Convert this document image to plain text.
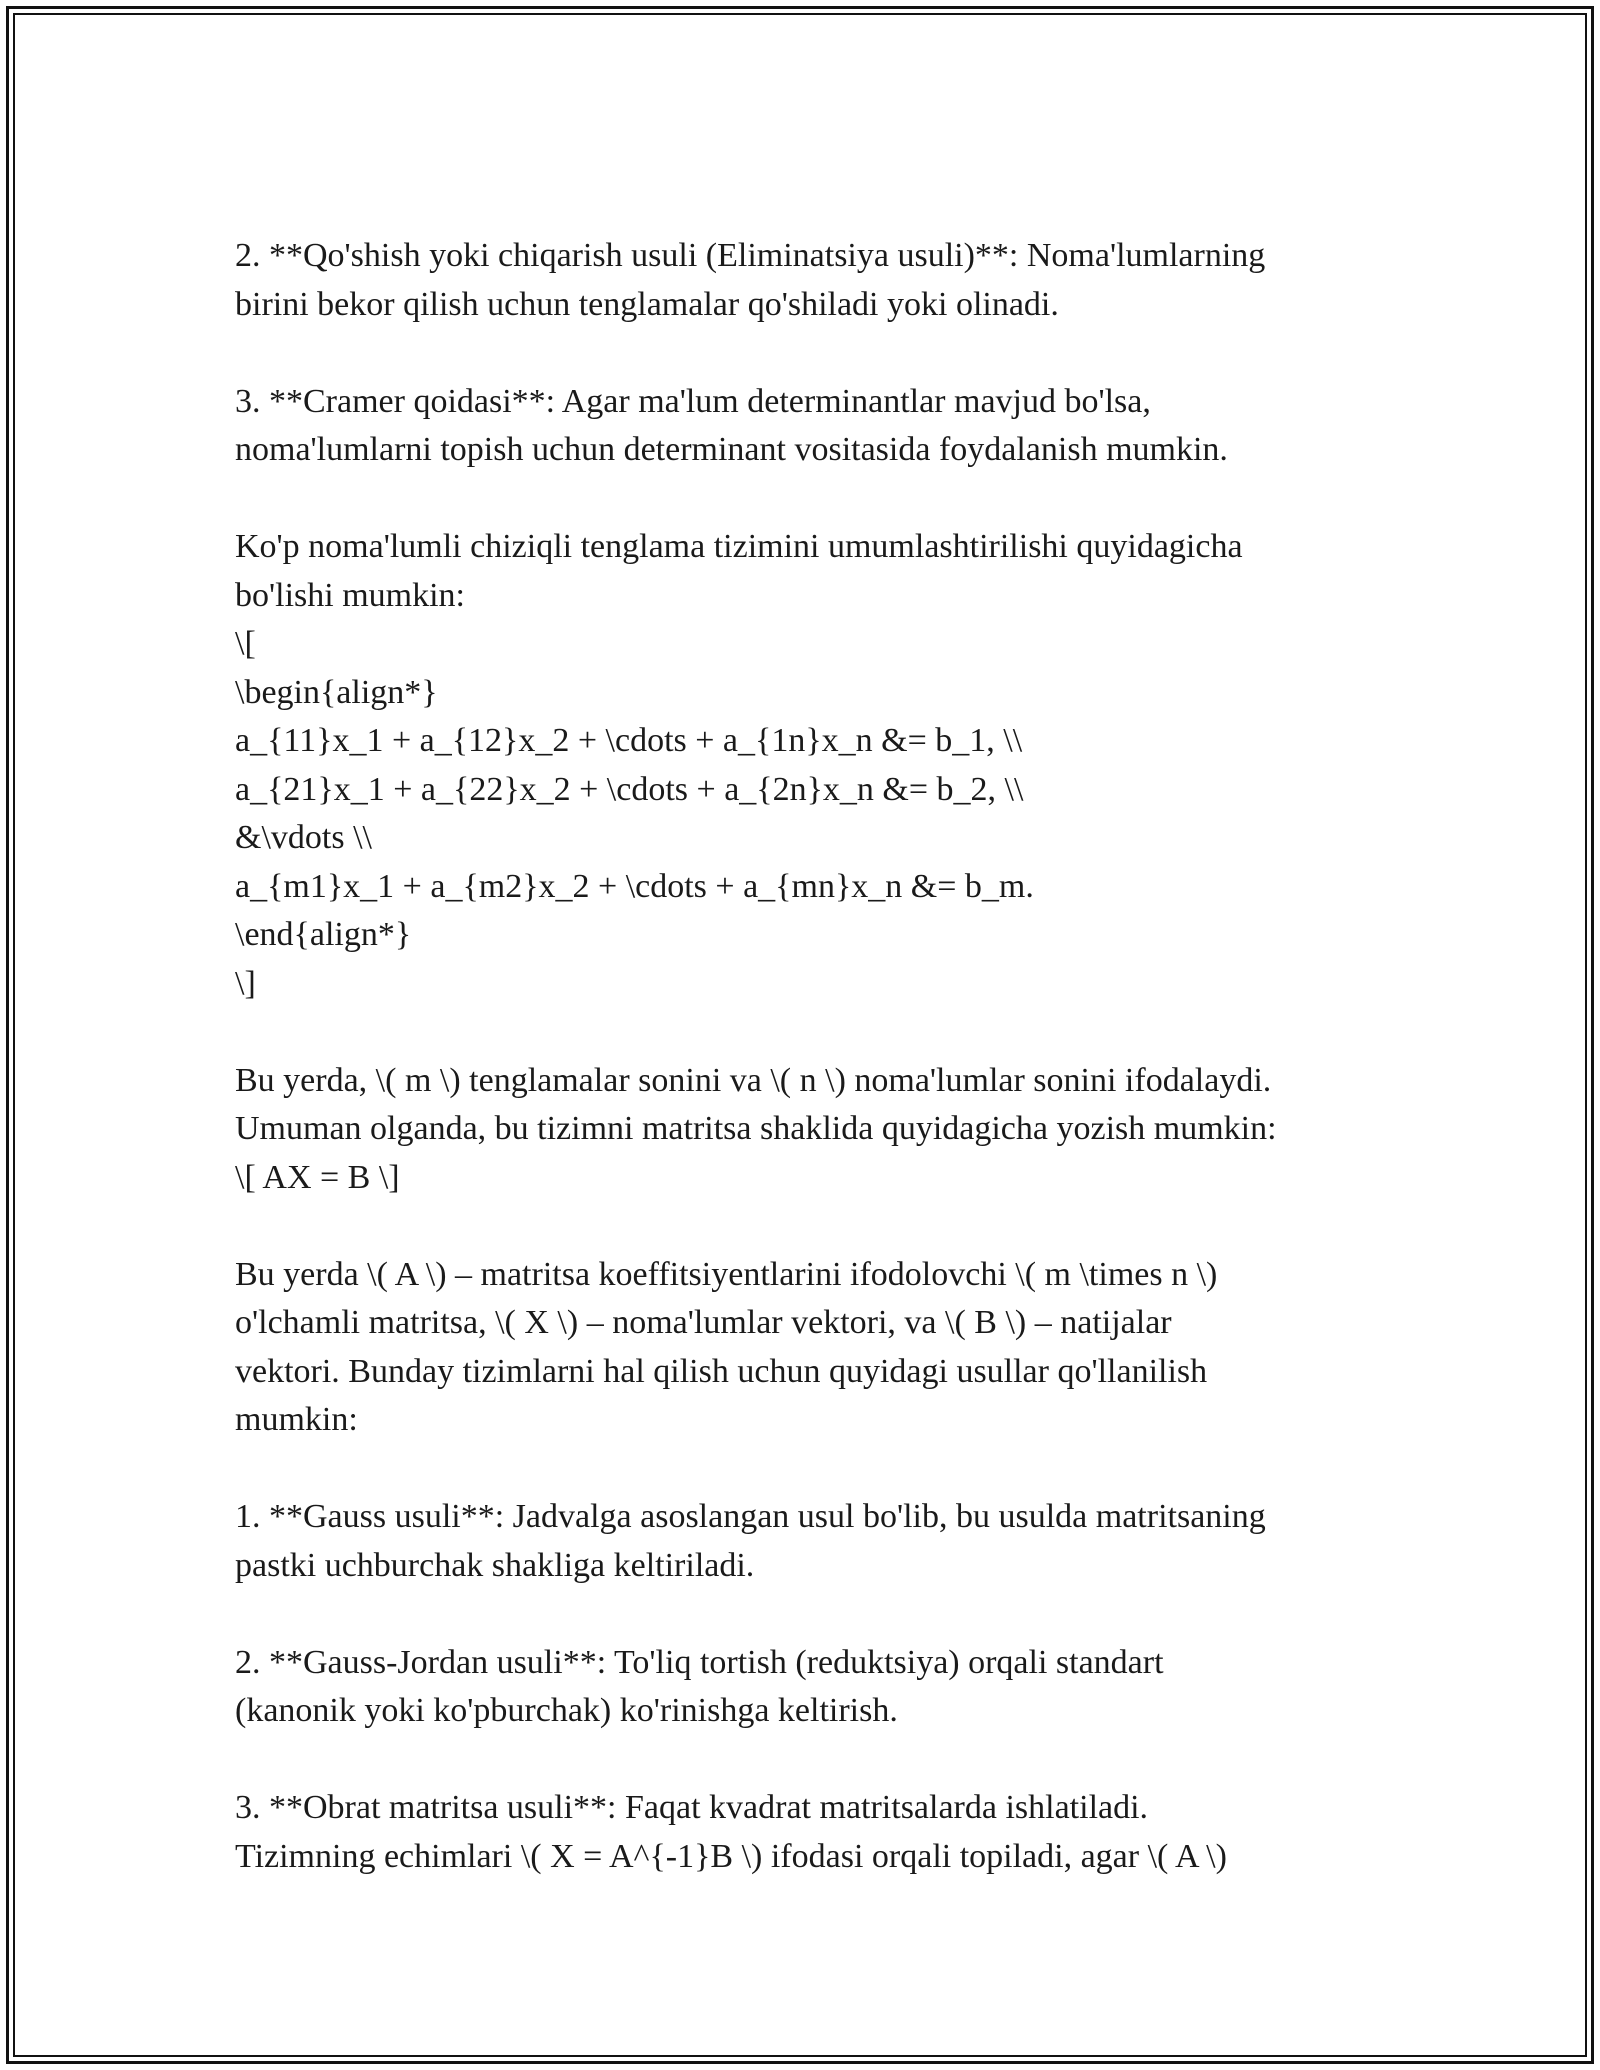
2. **Qo'shish yoki chiqarish usuli (Eliminatsiya usuli)**: Noma'lumlarning
birini bekor qilish uchun tenglamalar qo'shiladi yoki olinadi.

3. **Cramer qoidasi**: Agar ma'lum determinantlar mavjud bo'lsa,
noma'lumlarni topish uchun determinant vositasida foydalanish mumkin.

Ko'p noma'lumli chiziqli tenglama tizimini umumlashtirilishi quyidagicha
bo'lishi mumkin:
\[
\begin{align*}
a_{11}x_1 + a_{12}x_2 + \cdots + a_{1n}x_n &= b_1, \\
a_{21}x_1 + a_{22}x_2 + \cdots + a_{2n}x_n &= b_2, \\
&\vdots \\
a_{m1}x_1 + a_{m2}x_2 + \cdots + a_{mn}x_n &= b_m.
\end{align*}
\]

Bu yerda, \( m \) tenglamalar sonini va \( n \) noma'lumlar sonini ifodalaydi.
Umuman olganda, bu tizimni matritsa shaklida quyidagicha yozish mumkin:
\[ AX = B \]

Bu yerda \( A \) – matritsa koeffitsiyentlarini ifodolovchi \( m \times n \)
o'lchamli matritsa, \( X \) – noma'lumlar vektori, va \( B \) – natijalar
vektori. Bunday tizimlarni hal qilish uchun quyidagi usullar qo'llanilish
mumkin:

1. **Gauss usuli**: Jadvalga asoslangan usul bo'lib, bu usulda matritsaning
pastki uchburchak shakliga keltiriladi.

2. **Gauss-Jordan usuli**: To'liq tortish (reduktsiya) orqali standart
(kanonik yoki ko'pburchak) ko'rinishga keltirish.

3. **Obrat matritsa usuli**: Faqat kvadrat matritsalarda ishlatiladi.
Tizimning echimlari \( X = A^{-1}B \) ifodasi orqali topiladi, agar \( A \)
